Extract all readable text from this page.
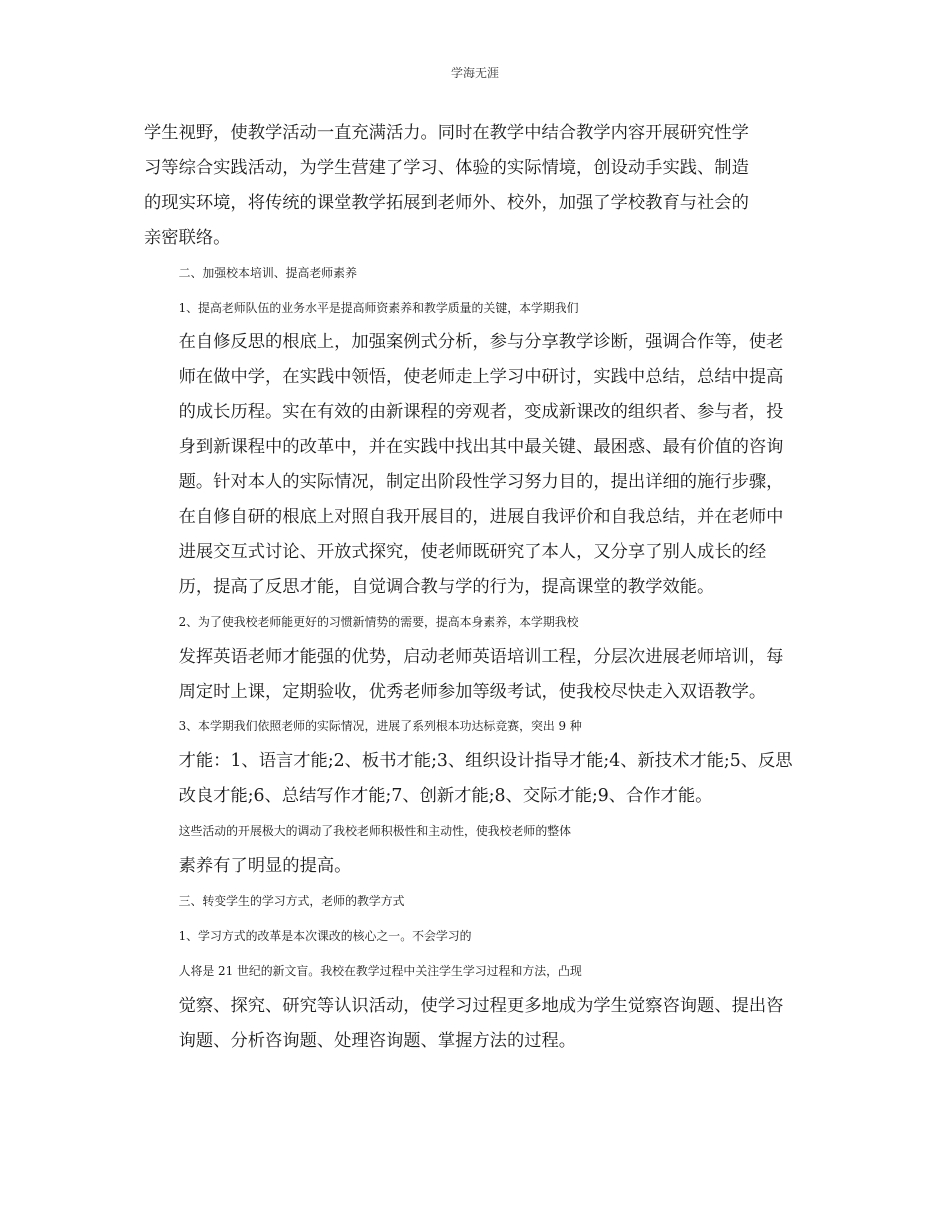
学海无涯

学生视野，使教学活动一直充满活力。同时在教学中结合教学内容开展研究性学
习等综合实践活动，为学生营建了学习、体验的实际情境，创设动手实践、制造
的现实环境，将传统的课堂教学拓展到老师外、校外，加强了学校教育与社会的
亲密联络。

二、加强校本培训、提高老师素养

1、提高老师队伍的业务水平是提高师资素养和教学质量的关键，本学期我们
在自修反思的根底上，加强案例式分析，参与分享教学诊断，强调合作等，使老
师在做中学，在实践中领悟，使老师走上学习中研讨，实践中总结，总结中提高
的成长历程。实在有效的由新课程的旁观者，变成新课改的组织者、参与者，投
身到新课程中的改革中，并在实践中找出其中最关键、最困惑、最有价值的咨询
题。针对本人的实际情况，制定出阶段性学习努力目的，提出详细的施行步骤，
在自修自研的根底上对照自我开展目的，进展自我评价和自我总结，并在老师中
进展交互式讨论、开放式探究，使老师既研究了本人，又分享了别人成长的经
历，提高了反思才能，自觉调合教与学的行为，提高课堂的教学效能。

2、为了使我校老师能更好的习惯新情势的需要，提高本身素养，本学期我校
发挥英语老师才能强的优势，启动老师英语培训工程，分层次进展老师培训，每
周定时上课，定期验收，优秀老师参加等级考试，使我校尽快走入双语教学。

3、本学期我们依照老师的实际情况，进展了系列根本功达标竞赛，突出 9 种
才能：1、语言才能;2、板书才能;3、组织设计指导才能;4、新技术才能;5、反思
改良才能;6、总结写作才能;7、创新才能;8、交际才能;9、合作才能。

这些活动的开展极大的调动了我校老师积极性和主动性，使我校老师的整体
素养有了明显的提高。

三、转变学生的学习方式，老师的教学方式

1、学习方式的改革是本次课改的核心之一。不会学习的

人将是 21 世纪的新文盲。我校在教学过程中关注学生学习过程和方法，凸现
觉察、探究、研究等认识活动，使学习过程更多地成为学生觉察咨询题、提出咨
询题、分析咨询题、处理咨询题、掌握方法的过程。
